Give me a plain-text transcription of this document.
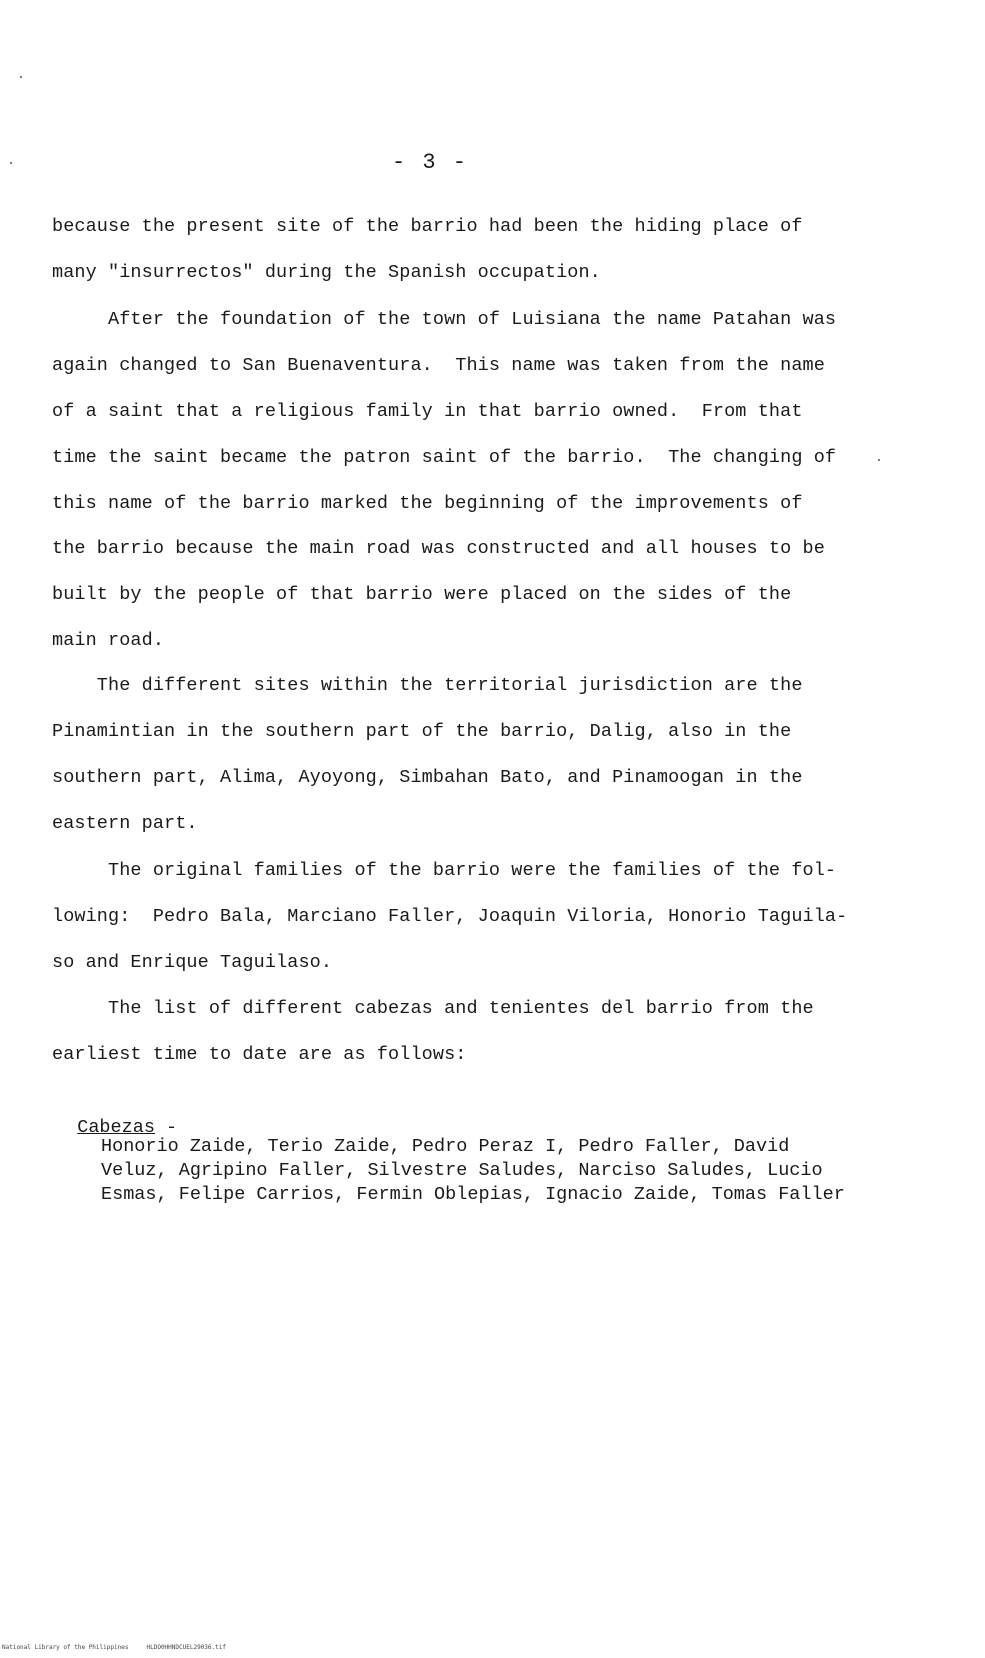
- 3 -
because the present site of the barrio had been the hiding place of
many "insurrectos" during the Spanish occupation.
After the foundation of the town of Luisiana the name Patahan was
again changed to San Buenaventura.  This name was taken from the name
of a saint that a religious family in that barrio owned.  From that
time the saint became the patron saint of the barrio.  The changing of
this name of the barrio marked the beginning of the improvements of
the barrio because the main road was constructed and all houses to be
built by the people of that barrio were placed on the sides of the
main road.
The different sites within the territorial jurisdiction are the
Pinamintian in the southern part of the barrio, Dalig, also in the
southern part, Alima, Ayoyong, Simbahan Bato, and Pinamoogan in the
eastern part.
The original families of the barrio were the families of the fol-
lowing:  Pedro Bala, Marciano Faller, Joaquin Viloria, Honorio Taguila-
so and Enrique Taguilaso.
The list of different cabezas and tenientes del barrio from the
earliest time to date are as follows:

Cabezas -

Honorio Zaide, Terio Zaide, Pedro Peraz I, Pedro Faller, David
Veluz, Agripino Faller, Silvestre Saludes, Narciso Saludes, Lucio
Esmas, Felipe Carrios, Fermin Oblepias, Ignacio Zaide, Tomas Faller
National Library of the Philippines     HLDO0HHNDCUEL29036.tif
